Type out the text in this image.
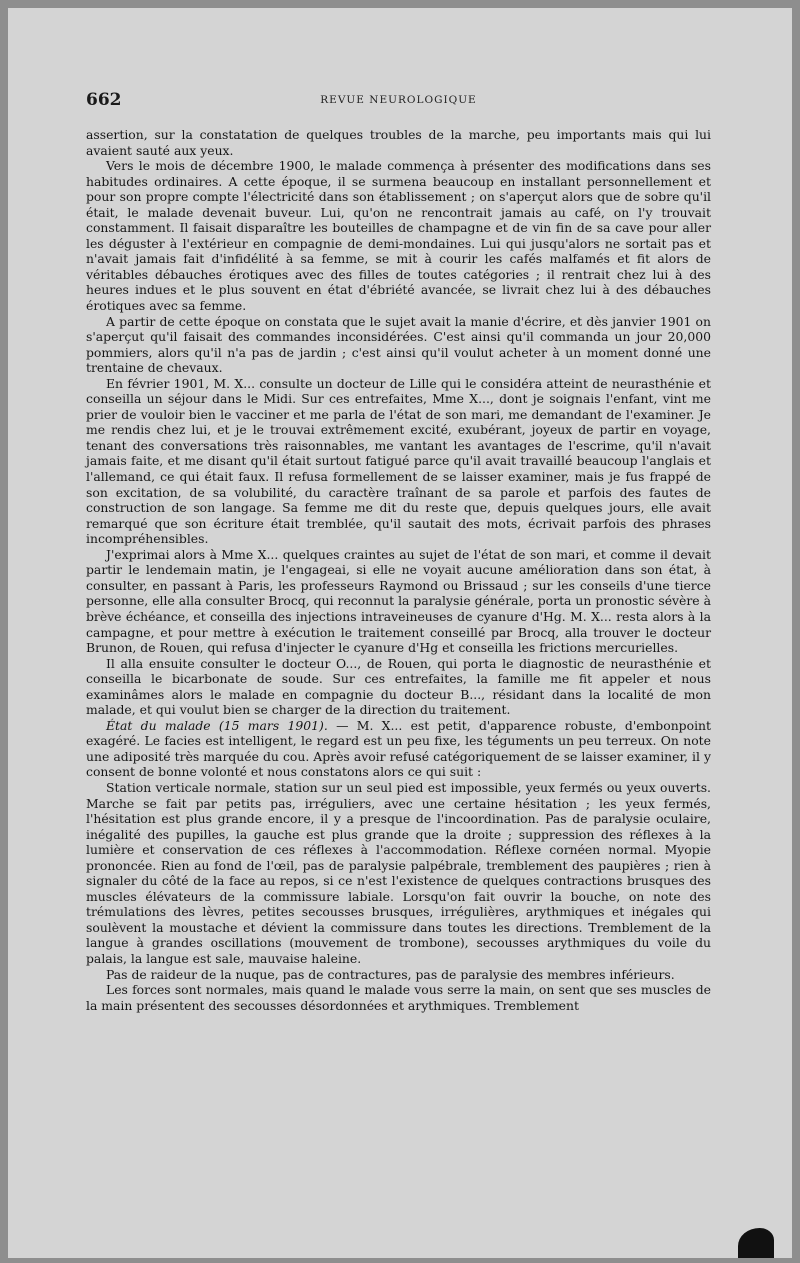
662	REVUE NEUROLOGIQUE

assertion, sur la constatation de quelques troubles de la marche, peu importants mais qui lui avaient sauté aux yeux.

Vers le mois de décembre 1900, le malade commença à présenter des modifications dans ses habitudes ordinaires. A cette époque, il se surmena beaucoup en installant personnellement et pour son propre compte l'électricité dans son établissement ; on s'aperçut alors que de sobre qu'il était, le malade devenait buveur. Lui, qu'on ne rencontrait jamais au café, on l'y trouvait constamment. Il faisait disparaître les bouteilles de champagne et de vin fin de sa cave pour aller les déguster à l'extérieur en compagnie de demi-mondaines. Lui qui jusqu'alors ne sortait pas et n'avait jamais fait d'infidélité à sa femme, se mit à courir les cafés malfamés et fit alors de véritables débauches érotiques avec des filles de toutes catégories ; il rentrait chez lui à des heures indues et le plus souvent en état d'ébriété avancée, se livrait chez lui à des débauches érotiques avec sa femme.

A partir de cette époque on constata que le sujet avait la manie d'écrire, et dès janvier 1901 on s'aperçut qu'il faisait des commandes inconsidérées. C'est ainsi qu'il commanda un jour 20,000 pommiers, alors qu'il n'a pas de jardin ; c'est ainsi qu'il voulut acheter à un moment donné une trentaine de chevaux.

En février 1901, M. X... consulte un docteur de Lille qui le considéra atteint de neurasthénie et conseilla un séjour dans le Midi. Sur ces entrefaites, Mme X..., dont je soignais l'enfant, vint me prier de vouloir bien le vacciner et me parla de l'état de son mari, me demandant de l'examiner. Je me rendis chez lui, et je le trouvai extrêmement excité, exubérant, joyeux de partir en voyage, tenant des conversations très raisonnables, me vantant les avantages de l'escrime, qu'il n'avait jamais faite, et me disant qu'il était surtout fatigué parce qu'il avait travaillé beaucoup l'anglais et l'allemand, ce qui était faux. Il refusa formellement de se laisser examiner, mais je fus frappé de son excitation, de sa volubilité, du caractère traînant de sa parole et parfois des fautes de construction de son langage. Sa femme me dit du reste que, depuis quelques jours, elle avait remarqué que son écriture était tremblée, qu'il sautait des mots, écrivait parfois des phrases incompréhensibles.

J'exprimai alors à Mme X... quelques craintes au sujet de l'état de son mari, et comme il devait partir le lendemain matin, je l'engageai, si elle ne voyait aucune amélioration dans son état, à consulter, en passant à Paris, les professeurs Raymond ou Brissaud ; sur les conseils d'une tierce personne, elle alla consulter Brocq, qui reconnut la paralysie générale, porta un pronostic sévère à brève échéance, et conseilla des injections intraveineuses de cyanure d'Hg. M. X... resta alors à la campagne, et pour mettre à exécution le traitement conseillé par Brocq, alla trouver le docteur Brunon, de Rouen, qui refusa d'injecter le cyanure d'Hg et conseilla les frictions mercurielles.

Il alla ensuite consulter le docteur O..., de Rouen, qui porta le diagnostic de neurasthénie et conseilla le bicarbonate de soude. Sur ces entrefaites, la famille me fit appeler et nous examinâmes alors le malade en compagnie du docteur B..., résidant dans la localité de mon malade, et qui voulut bien se charger de la direction du traitement.

État du malade (15 mars 1901). — M. X... est petit, d'apparence robuste, d'embonpoint exagéré. Le facies est intelligent, le regard est un peu fixe, les téguments un peu terreux. On note une adiposité très marquée du cou. Après avoir refusé catégoriquement de se laisser examiner, il y consent de bonne volonté et nous constatons alors ce qui suit :

Station verticale normale, station sur un seul pied est impossible, yeux fermés ou yeux ouverts. Marche se fait par petits pas, irréguliers, avec une certaine hésitation ; les yeux fermés, l'hésitation est plus grande encore, il y a presque de l'incoordination. Pas de paralysie oculaire, inégalité des pupilles, la gauche est plus grande que la droite ; suppression des réflexes à la lumière et conservation de ces réflexes à l'accommodation. Réflexe cornéen normal. Myopie prononcée. Rien au fond de l'œil, pas de paralysie palpébrale, tremblement des paupières ; rien à signaler du côté de la face au repos, si ce n'est l'existence de quelques contractions brusques des muscles élévateurs de la commissure labiale. Lorsqu'on fait ouvrir la bouche, on note des trémulations des lèvres, petites secousses brusques, irrégulières, arythmiques et inégales qui soulèvent la moustache et dévient la commissure dans toutes les directions. Tremblement de la langue à grandes oscillations (mouvement de trombone), secousses arythmiques du voile du palais, la langue est sale, mauvaise haleine.

Pas de raideur de la nuque, pas de contractures, pas de paralysie des membres inférieurs.

Les forces sont normales, mais quand le malade vous serre la main, on sent que ses muscles de la main présentent des secousses désordonnées et arythmiques. Tremblement
